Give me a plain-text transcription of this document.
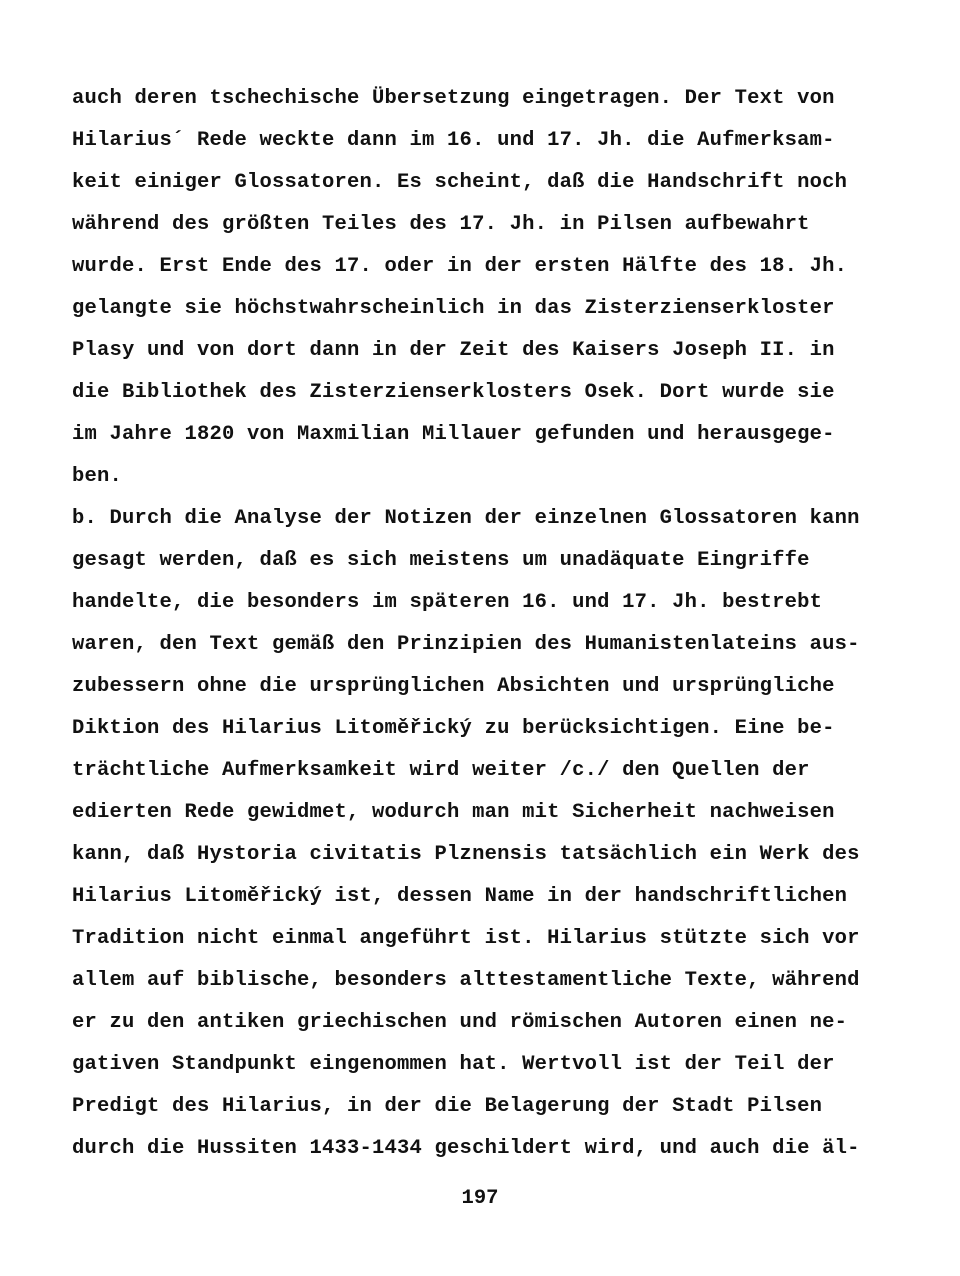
auch deren tschechische Übersetzung eingetragen. Der Text von
Hilarius´ Rede weckte dann im 16. und 17. Jh. die Aufmerksam-
keit einiger Glossatoren. Es scheint, daß die Handschrift noch
während des größten Teiles des 17. Jh. in Pilsen aufbewahrt
wurde. Erst Ende des 17. oder in der ersten Hälfte des 18. Jh.
gelangte sie höchstwahrscheinlich in das Zisterzienserkloster
Plasy und von dort dann in der Zeit des Kaisers Joseph II. in
die Bibliothek des Zisterzienserklosters Osek. Dort wurde sie
im Jahre 1820 von Maxmilian Millauer gefunden und herausgege-
ben.
b. Durch die Analyse der Notizen der einzelnen Glossatoren kann
gesagt werden, daß es sich meistens um unadäquate Eingriffe
handelte, die besonders im späteren 16. und 17. Jh. bestrebt
waren, den Text gemäß den Prinzipien des Humanistenlateins aus-
zubessern ohne die ursprünglichen Absichten und ursprüngliche
Diktion des Hilarius Litoměřický zu berücksichtigen. Eine be-
trächtliche Aufmerksamkeit wird weiter /c./ den Quellen der
edierten Rede gewidmet, wodurch man mit Sicherheit nachweisen
kann, daß Hystoria civitatis Plznensis tatsächlich ein Werk des
Hilarius Litoměřický ist, dessen Name in der handschriftlichen
Tradition nicht einmal angeführt ist. Hilarius stützte sich vor
allem auf biblische, besonders alttestamentliche Texte, während
er zu den antiken griechischen und römischen Autoren einen ne-
gativen Standpunkt eingenommen hat. Wertvoll ist der Teil der
Predigt des Hilarius, in der die Belagerung der Stadt Pilsen
durch die Hussiten 1433-1434 geschildert wird, und auch die äl-
197
